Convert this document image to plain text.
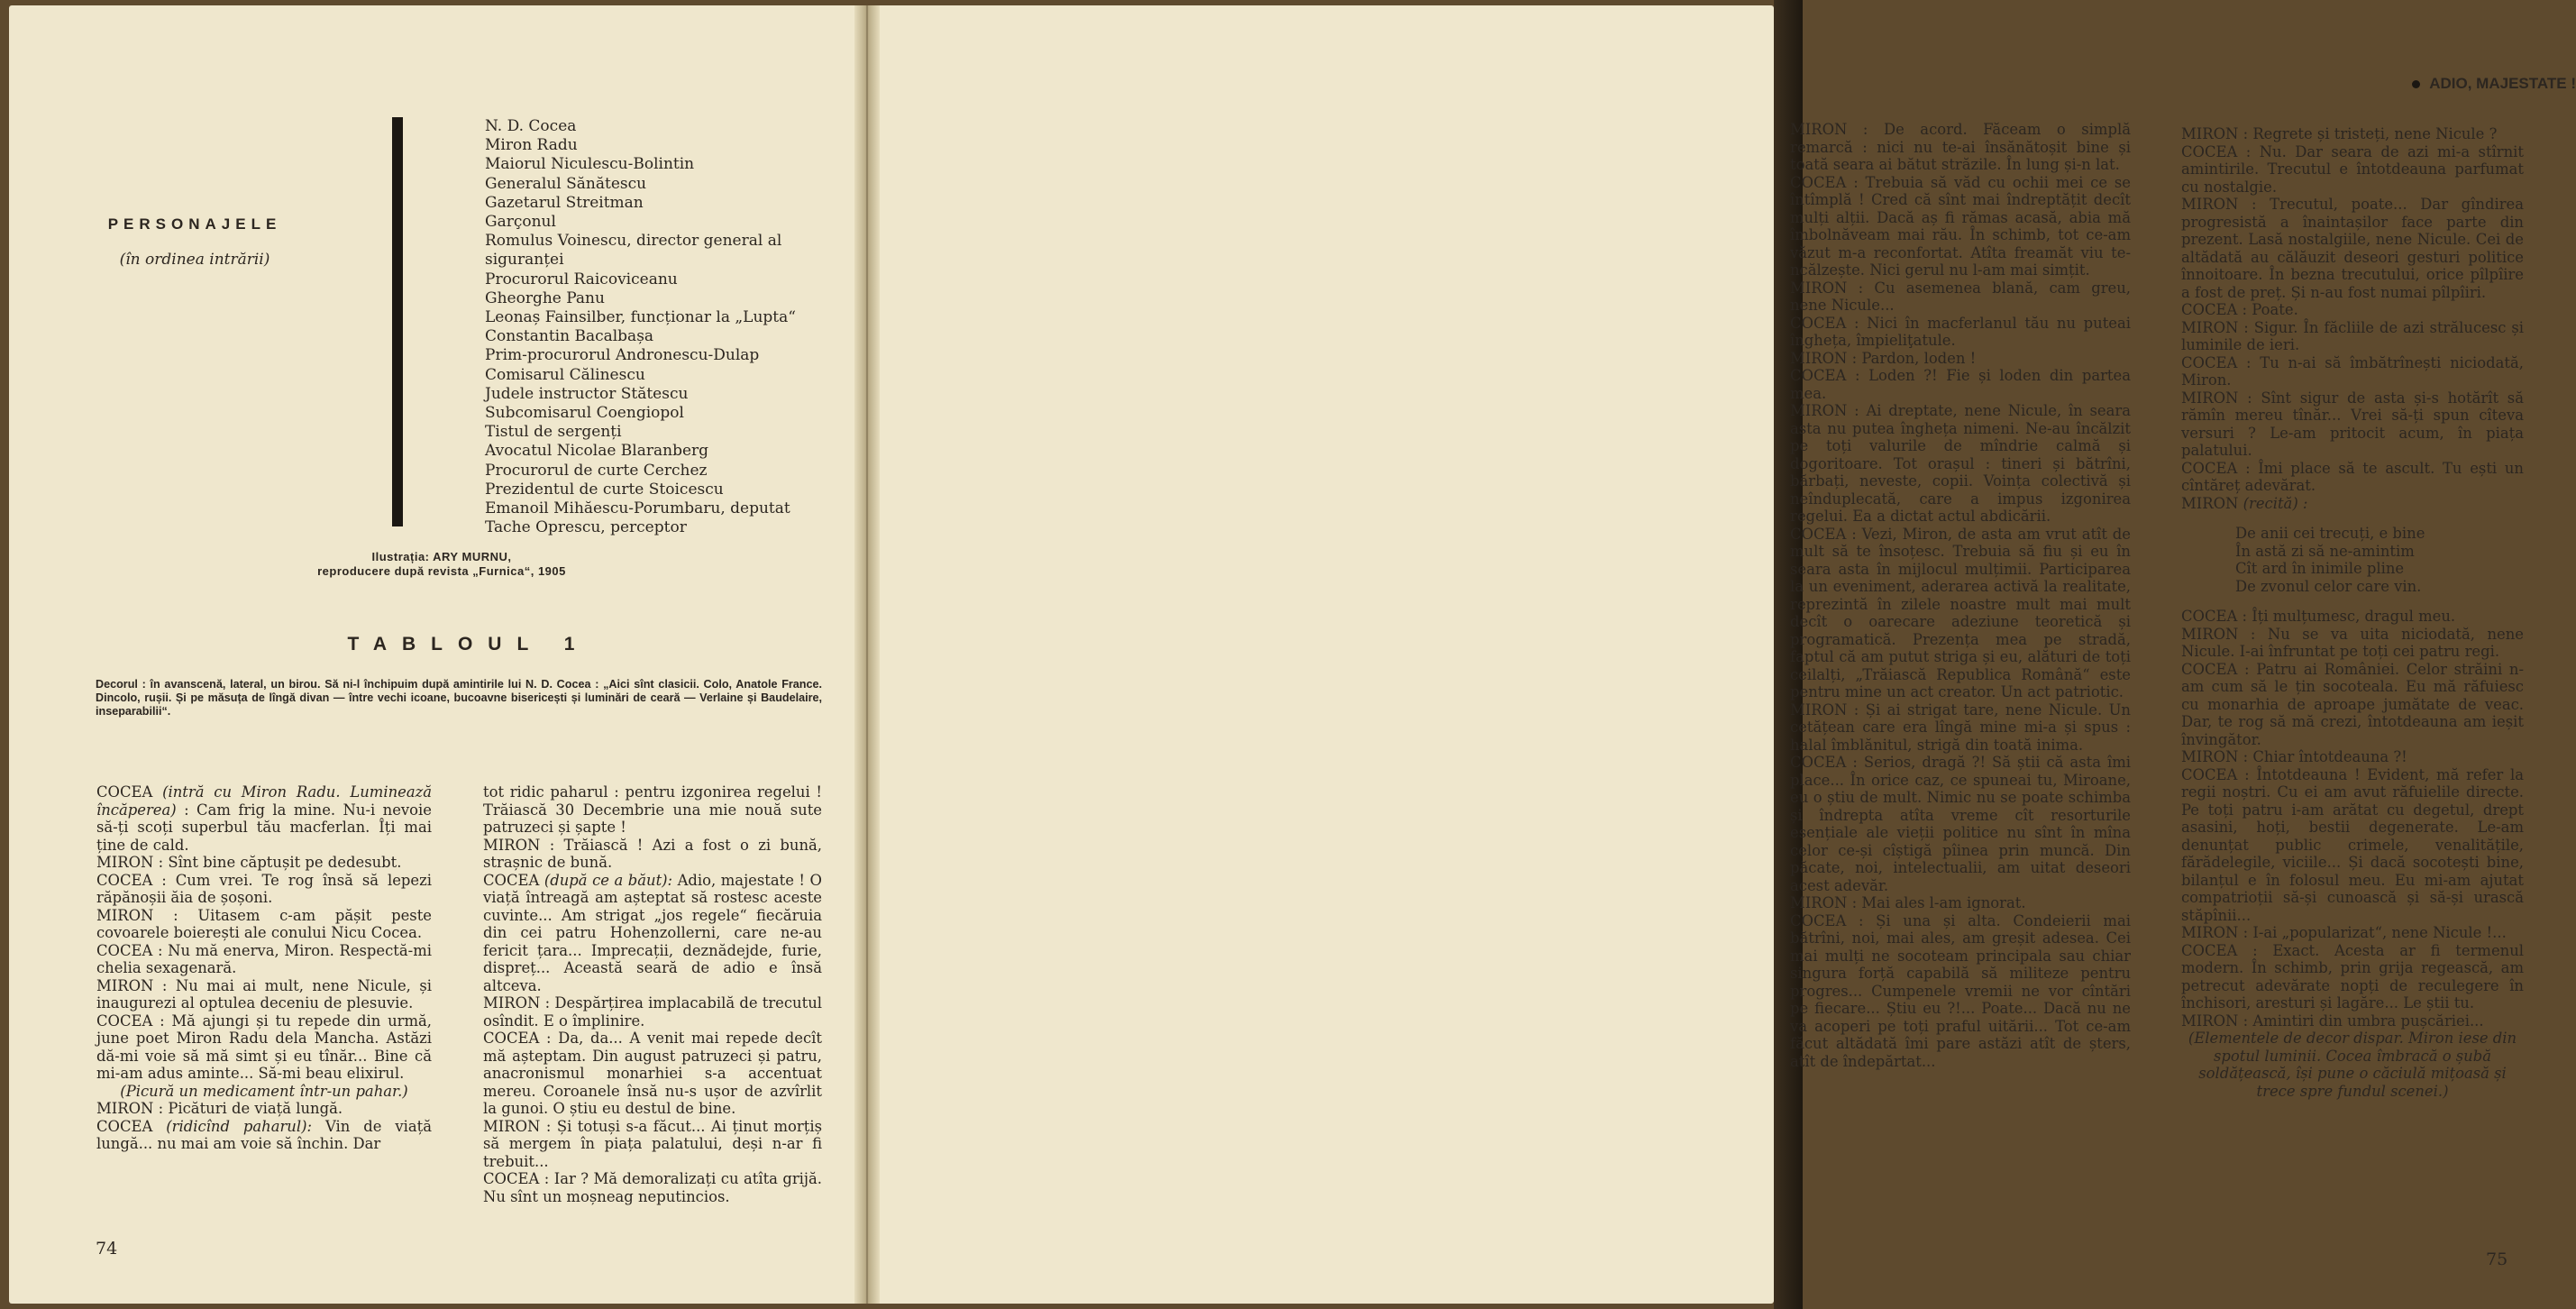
PERSONAJELE
(în ordinea intrării)
N. D. Cocea
Miron Radu
Maiorul Niculescu-Bolintin
Generalul Sănătescu
Gazetarul Streitman
Garçonul
Romulus Voinescu, director general al
siguranței
Procurorul Raicoviceanu
Gheorghe Panu
Leonaș Fainsilber, funcționar la „Lupta“
Constantin Bacalbașa
Prim-procurorul Andronescu-Dulap
Comisarul Călinescu
Judele instructor Stătescu
Subcomisarul Coengiopol
Tistul de sergenți
Avocatul Nicolae Blaranberg
Procurorul de curte Cerchez
Prezidentul de curte Stoicescu
Emanoil Mihăescu-Porumbaru, deputat
Tache Oprescu, perceptor
Ilustrația: ARY MURNU,
reproducere după revista „Furnica“, 1905
TABLOUL 1
Decorul : în avanscenă, lateral, un birou. Să ni-l închipuim după amintirile lui N. D. Cocea : „Aici sînt clasicii. Colo, Anatole France. Dincolo, rușii. Și pe măsuța de lîngă divan — între vechi icoane, bucoavne bisericești și luminări de ceară — Verlaine și Baudelaire, inseparabilii“.
COCEA (intră cu Miron Radu. Luminează încăperea) : Cam frig la mine. Nu-i nevoie să-ți scoți superbul tău macferlan. Îți mai ține de cald.
MIRON : Sînt bine căptușit pe dedesubt.
COCEA : Cum vrei. Te rog însă să lepezi răpănoșii ăia de șoșoni.
MIRON : Uitasem c-am pășit peste covoarele boierești ale conului Nicu Cocea.
COCEA : Nu mă enerva, Miron. Respectă-mi chelia sexagenară.
MIRON : Nu mai ai mult, nene Nicule, și inaugurezi al optulea deceniu de plesuvie.
COCEA : Mă ajungi și tu repede din urmă, june poet Miron Radu dela Mancha. Astăzi dă-mi voie să mă simt și eu tînăr... Bine că mi-am adus aminte... Să-mi beau elixirul.
(Picură un medicament într-un pahar.)
MIRON : Picături de viață lungă.
COCEA (ridicînd paharul): Vin de viață lungă... nu mai am voie să închin. Dar
tot ridic paharul : pentru izgonirea regelui ! Trăiască 30 Decembrie una mie nouă sute patruzeci și șapte !
MIRON : Trăiască ! Azi a fost o zi bună, strașnic de bună.
COCEA (după ce a băut): Adio, majestate ! O viață întreagă am așteptat să rostesc aceste cuvinte... Am strigat „jos regele“ fiecăruia din cei patru Hohenzollerni, care ne-au fericit țara... Imprecații, deznădejde, furie, dispreț... Această seară de adio e însă altceva.
MIRON : Despărțirea implacabilă de trecutul osîndit. E o împlinire.
COCEA : Da, da... A venit mai repede decît mă așteptam. Din august patruzeci și patru, anacronismul monarhiei s-a accentuat mereu. Coroanele însă nu-s ușor de azvîrlit la gunoi. O știu eu destul de bine.
MIRON : Și totuși s-a făcut... Ai ținut morțiș să mergem în piața palatului, deși n-ar fi trebuit...
COCEA : Iar ? Mă demoralizați cu atîta grijă. Nu sînt un moșneag neputincios.
74
ADIO, MAJESTATE !
MIRON : De acord. Făceam o simplă remarcă : nici nu te-ai însănătoșit bine și toată seara ai bătut străzile. În lung și-n lat.
COCEA : Trebuia să văd cu ochii mei ce se întîmplă ! Cred că sînt mai îndreptățit decît mulți alții. Dacă aș fi rămas acasă, abia mă îmbolnăveam mai rău. În schimb, tot ce-am văzut m-a reconfortat. Atîta freamăt viu te-ncălzește. Nici gerul nu l-am mai simțit.
MIRON : Cu asemenea blană, cam greu, nene Nicule...
COCEA : Nici în macferlanul tău nu puteai îngheța, împieliţatule.
MIRON : Pardon, loden !
COCEA : Loden ?! Fie și loden din partea mea.
MIRON : Ai dreptate, nene Nicule, în seara asta nu putea îngheța nimeni. Ne-au încălzit pe toți valurile de mîndrie calmă și dogoritoare. Tot orașul : tineri și bătrîni, bărbați, neveste, copii. Voința colectivă și neînduplecată, care a impus izgonirea regelui. Ea a dictat actul abdicării.
COCEA : Vezi, Miron, de asta am vrut atît de mult să te însoțesc. Trebuia să fiu și eu în seara asta în mijlocul mulțimii. Participarea la un eveniment, aderarea activă la realitate, reprezintă în zilele noastre mult mai mult decît o oarecare adeziune teoretică și programatică. Prezența mea pe stradă, faptul că am putut striga și eu, alături de toți ceilalți, „Trăiască Republica Română“ este pentru mine un act creator. Un act patriotic.
MIRON : Și ai strigat tare, nene Nicule. Un cetățean care era lîngă mine mi-a și spus : halal îmblănitul, strigă din toată inima.
COCEA : Serios, dragă ?! Să știi că asta îmi place... În orice caz, ce spuneai tu, Miroane, eu o știu de mult. Nimic nu se poate schimba și îndrepta atîta vreme cît resorturile esențiale ale vieții politice nu sînt în mîna celor ce-și cîștigă pîinea prin muncă. Din păcate, noi, intelectualii, am uitat deseori acest adevăr.
MIRON : Mai ales l-am ignorat.
COCEA : Și una și alta. Condeierii mai bătrîni, noi, mai ales, am greșit adesea. Cei mai mulți ne socoteam principala sau chiar singura forță capabilă să militeze pentru progres... Cumpenele vremii ne vor cîntări pe fiecare... Știu eu ?!... Poate... Dacă nu ne va acoperi pe toți praful uitării... Tot ce-am făcut altădată îmi pare astăzi atît de șters, atît de îndepărtat...
MIRON : Regrete și tristeți, nene Nicule ?
COCEA : Nu. Dar seara de azi mi-a stîrnit amintirile. Trecutul e întotdeauna parfumat cu nostalgie.
MIRON : Trecutul, poate... Dar gîndirea progresistă a înaintașilor face parte din prezent. Lasă nostalgiile, nene Nicule. Cei de altădată au călăuzit deseori gesturi politice înnoitoare. În bezna trecutului, orice pîlpîire a fost de preț. Și n-au fost numai pîlpîiri.
COCEA : Poate.
MIRON : Sigur. În făcliile de azi strălucesc și luminile de ieri.
COCEA : Tu n-ai să îmbătrînești niciodată, Miron.
MIRON : Sînt sigur de asta și-s hotărît să rămîn mereu tînăr... Vrei să-ți spun cîteva versuri ? Le-am pritocit acum, în piața palatului.
COCEA : Îmi place să te ascult. Tu ești un cîntăreț adevărat.
MIRON (recită) :
De anii cei trecuți, e bine
În astă zi să ne-amintim
Cît ard în inimile pline
De zvonul celor care vin.
COCEA : Îți mulțumesc, dragul meu.
MIRON : Nu se va uita niciodată, nene Nicule. I-ai înfruntat pe toți cei patru regi.
COCEA : Patru ai României. Celor străini n-am cum să le țin socoteala. Eu mă răfuiesc cu monarhia de aproape jumătate de veac. Dar, te rog să mă crezi, întotdeauna am ieșit învingător.
MIRON : Chiar întotdeauna ?!
COCEA : Întotdeauna ! Evident, mă refer la regii noștri. Cu ei am avut răfuielile directe. Pe toți patru i-am arătat cu degetul, drept asasini, hoți, bestii degenerate. Le-am denunțat public crimele, venalitățile, fărădelegile, viciile... Și dacă socotești bine, bilanțul e în folosul meu. Eu mi-am ajutat compatrioții să-și cunoască și să-și urască stăpînii...
MIRON : I-ai „popularizat“, nene Nicule !...
COCEA : Exact. Acesta ar fi termenul modern. În schimb, prin grija regească, am petrecut adevărate nopți de reculegere în închisori, aresturi și lagăre... Le știi tu.
MIRON : Amintiri din umbra pușcăriei...
(Elementele de decor dispar. Miron iese din spotul luminii. Cocea îmbracă o șubă soldățească, își pune o căciulă mițoasă și trece spre fundul scenei.)
75
